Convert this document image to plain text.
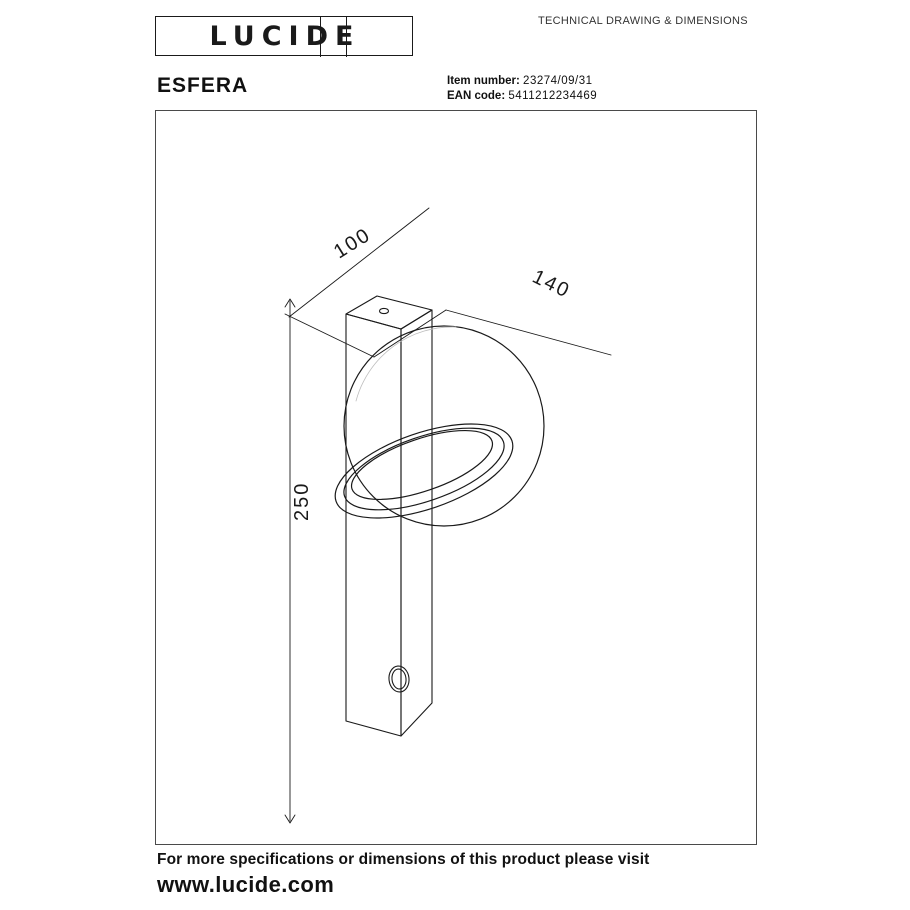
LUCIDE	TECHNICAL DRAWING & DIMENSIONS
ESFERA	Item number: 23274/09/31
EAN code: 5411212234469
100
140
250
For more specifications or dimensions of this product please visit
www.lucide.com
